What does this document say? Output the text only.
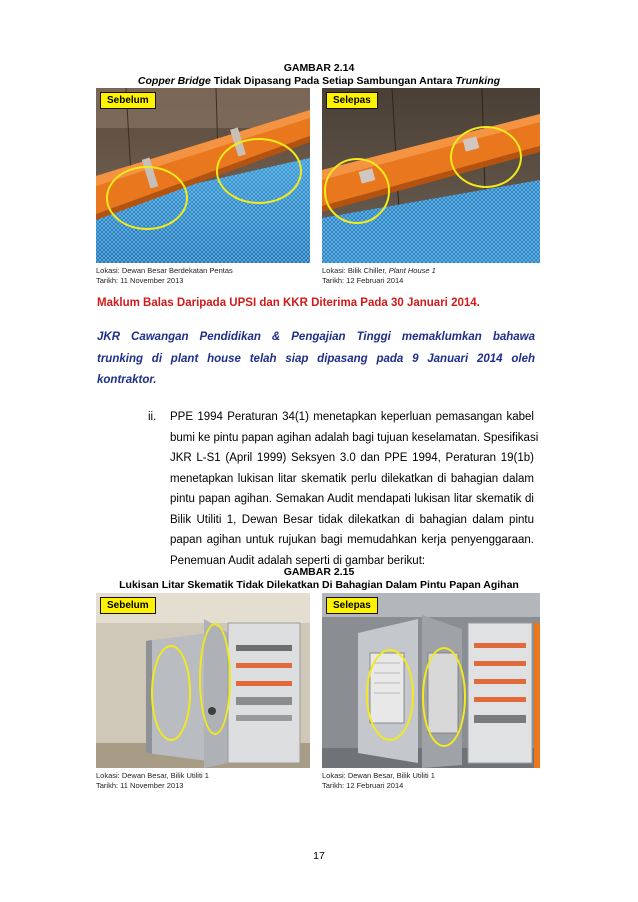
GAMBAR 2.14
Copper Bridge Tidak Dipasang Pada Setiap Sambungan Antara Trunking
Sebelum
Lokasi: Dewan Besar Berdekatan Pentas
Tarikh: 11 November 2013
Selepas
Lokasi: Bilik Chiller, Plant House 1
Tarikh: 12 Februari 2014
Maklum Balas Daripada UPSI dan KKR Diterima Pada 30 Januari 2014.
JKR Cawangan Pendidikan & Pengajian Tinggi memaklumkan bahawa
trunking di plant house telah siap dipasang pada 9 Januari 2014 oleh
kontraktor.
ii. PPE 1994 Peraturan 34(1) menetapkan keperluan pemasangan kabel
bumi ke pintu papan agihan adalah bagi tujuan keselamatan. Spesifikasi
JKR L-S1 (April 1999) Seksyen 3.0 dan PPE 1994, Peraturan 19(1b)
menetapkan lukisan litar skematik perlu dilekatkan di bahagian dalam
pintu papan agihan. Semakan Audit mendapati lukisan litar skematik di
Bilik Utiliti 1, Dewan Besar tidak dilekatkan di bahagian dalam pintu
papan agihan untuk rujukan bagi memudahkan kerja penyenggaraan.
Penemuan Audit adalah seperti di gambar berikut:
GAMBAR 2.15
Lukisan Litar Skematik Tidak Dilekatkan Di Bahagian Dalam Pintu Papan Agihan
Sebelum
Lokasi: Dewan Besar, Bilik Utiliti 1
Tarikh: 11 November 2013
Selepas
Lokasi: Dewan Besar, Bilik Utiliti 1
Tarikh: 12 Februari 2014
17
